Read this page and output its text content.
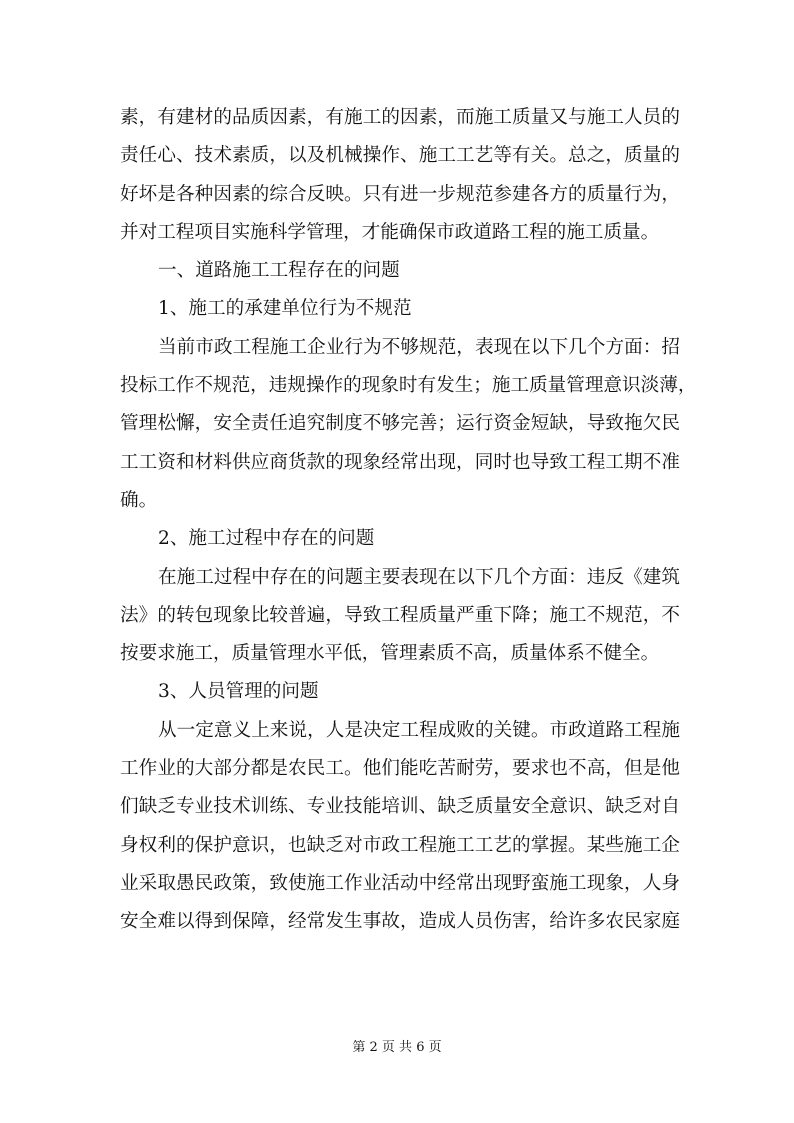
素，有建材的品质因素，有施工的因素，而施工质量又与施工人员的
责任心、技术素质，以及机械操作、施工工艺等有关。总之，质量的
好坏是各种因素的综合反映。只有进一步规范参建各方的质量行为，
并对工程项目实施科学管理，才能确保市政道路工程的施工质量。
一、道路施工工程存在的问题
1、施工的承建单位行为不规范
当前市政工程施工企业行为不够规范，表现在以下几个方面：招
投标工作不规范，违规操作的现象时有发生；施工质量管理意识淡薄，
管理松懈，安全责任追究制度不够完善；运行资金短缺，导致拖欠民
工工资和材料供应商货款的现象经常出现，同时也导致工程工期不准
确。
2、施工过程中存在的问题
在施工过程中存在的问题主要表现在以下几个方面：违反《建筑
法》的转包现象比较普遍，导致工程质量严重下降；施工不规范，不
按要求施工，质量管理水平低，管理素质不高，质量体系不健全。
3、人员管理的问题
从一定意义上来说，人是决定工程成败的关键。市政道路工程施
工作业的大部分都是农民工。他们能吃苦耐劳，要求也不高，但是他
们缺乏专业技术训练、专业技能培训、缺乏质量安全意识、缺乏对自
身权利的保护意识，也缺乏对市政工程施工工艺的掌握。某些施工企
业采取愚民政策，致使施工作业活动中经常出现野蛮施工现象，人身
安全难以得到保障，经常发生事故，造成人员伤害，给许多农民家庭
第 2 页 共 6 页
